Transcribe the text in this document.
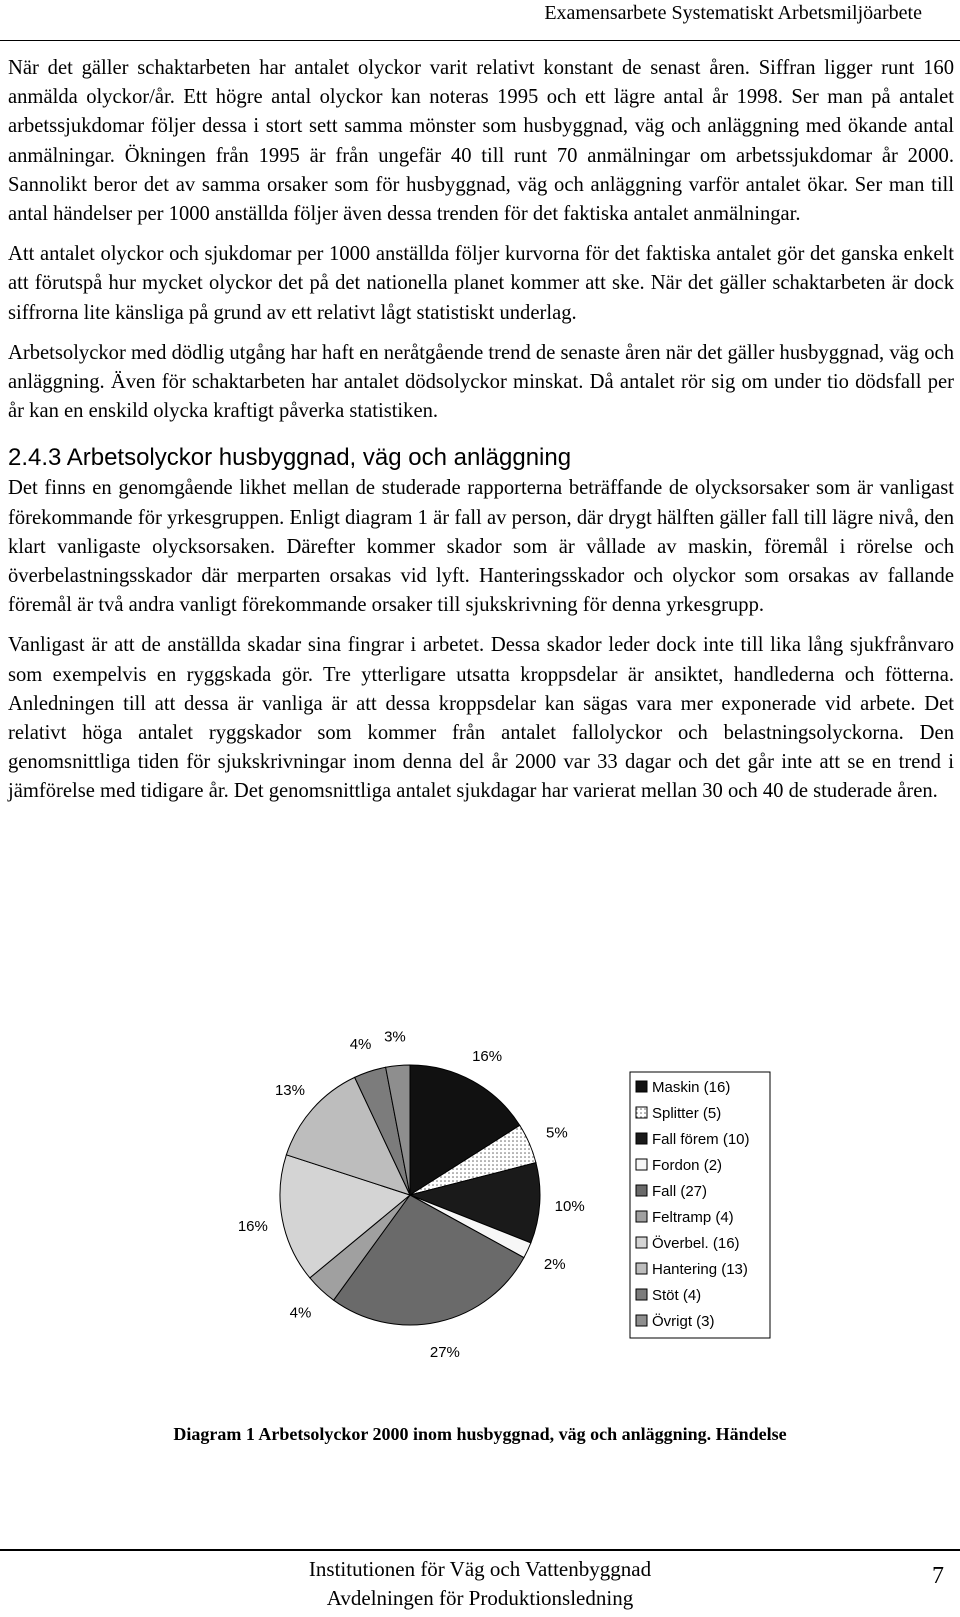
Examensarbete Systematiskt Arbetsmiljöarbete

När det gäller schaktarbeten har antalet olyckor varit relativt konstant de senast åren. Siffran ligger runt 160 anmälda olyckor/år. Ett högre antal olyckor kan noteras 1995 och ett lägre antal år 1998. Ser man på antalet arbetssjukdomar följer dessa i stort sett samma mönster som husbyggnad, väg och anläggning med ökande antal anmälningar. Ökningen från 1995 är från ungefär 40 till runt 70 anmälningar om arbetssjukdomar år 2000. Sannolikt beror det av samma orsaker som för husbyggnad, väg och anläggning varför antalet ökar. Ser man till antal händelser per 1000 anställda följer även dessa trenden för det faktiska antalet anmälningar.

Att antalet olyckor och sjukdomar per 1000 anställda följer kurvorna för det faktiska antalet gör det ganska enkelt att förutspå hur mycket olyckor det på det nationella planet kommer att ske. När det gäller schaktarbeten är dock siffrorna lite känsliga på grund av ett relativt lågt statistiskt underlag.

Arbetsolyckor med dödlig utgång har haft en neråtgående trend de senaste åren när det gäller husbyggnad, väg och anläggning. Även för schaktarbeten har antalet dödsolyckor minskat. Då antalet rör sig om under tio dödsfall per år kan en enskild olycka kraftigt påverka statistiken.

2.4.3 Arbetsolyckor husbyggnad, väg och anläggning

Det finns en genomgående likhet mellan de studerade rapporterna beträffande de olycksorsaker som är vanligast förekommande för yrkesgruppen. Enligt diagram 1 är fall av person, där drygt hälften gäller fall till lägre nivå, den klart vanligaste olycksorsaken. Därefter kommer skador som är vållade av maskin, föremål i rörelse och överbelastningsskador där merparten orsakas vid lyft. Hanteringsskador och olyckor som orsakas av fallande föremål är två andra vanligt förekommande orsaker till sjukskrivning för denna yrkesgrupp.

Vanligast är att de anställda skadar sina fingrar i arbetet. Dessa skador leder dock inte till lika lång sjukfrånvaro som exempelvis en ryggskada gör. Tre ytterligare utsatta kroppsdelar är ansiktet, handlederna och fötterna. Anledningen till att dessa är vanliga är att dessa kroppsdelar kan sägas vara mer exponerade vid arbete. Det relativt höga antalet ryggskador som kommer från antalet fallolyckor och belastningsolyckorna. Den genomsnittliga tiden för sjukskrivningar inom denna del år 2000 var 33 dagar och det går inte att se en trend i jämförelse med tidigare år. Det genomsnittliga antalet sjukdagar har varierat mellan 30 och 40 de studerade åren.

16%
5%
10%
2%
27%
4%
16%
13%
4% 3%
Maskin (16)
Splitter (5)
Fall förem (10)
Fordon (2)
Fall (27)
Feltramp (4)
Överbel. (16)
Hantering (13)
Stöt (4)
Övrigt (3)
Diagram 1 Arbetsolyckor 2000 inom husbyggnad, väg och anläggning. Händelse
Institutionen för Väg och Vattenbyggnad
Avdelningen för Produktionsledning
7
